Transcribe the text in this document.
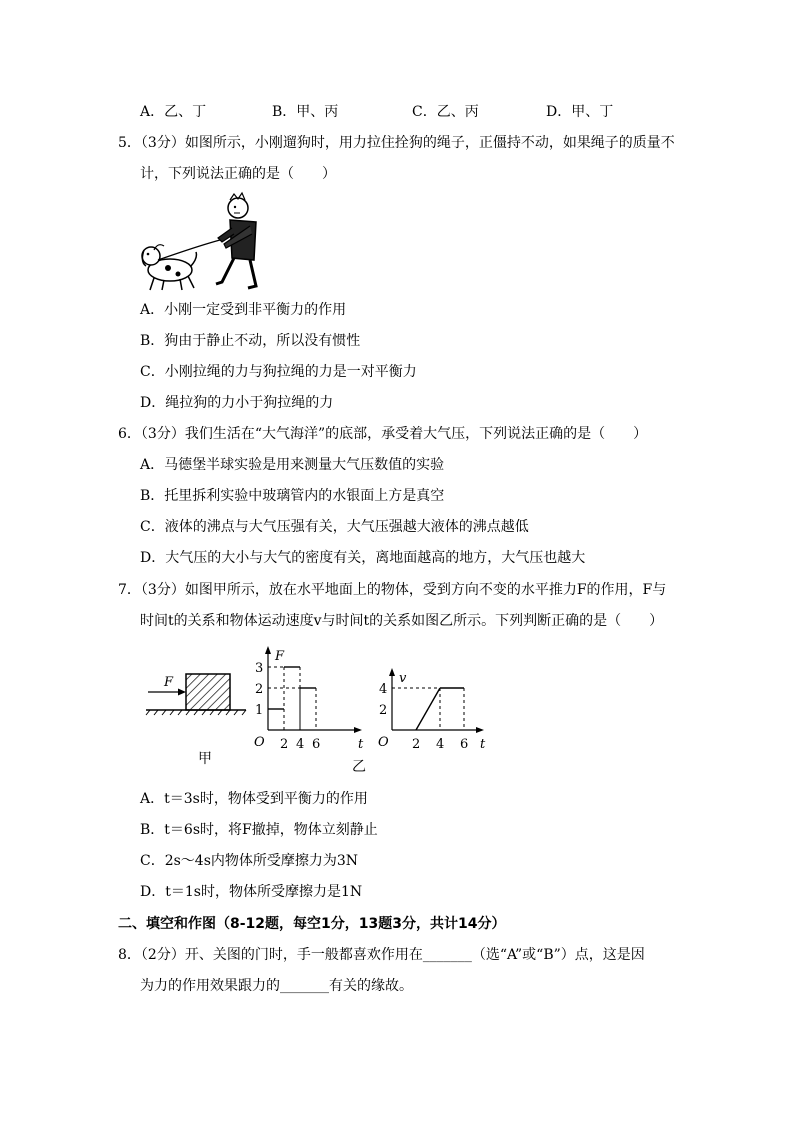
A．乙、丁	B．甲、丙	C．乙、丙	D．甲、丁
5．（3分）如图所示，小刚遛狗时，用力拉住拴狗的绳子，正僵持不动，如果绳子的质量不
计，下列说法正确的是（　　）
A．小刚一定受到非平衡力的作用
B．狗由于静止不动，所以没有惯性
C．小刚拉绳的力与狗拉绳的力是一对平衡力
D．绳拉狗的力小于狗拉绳的力
6．（3分）我们生活在“大气海洋”的底部，承受着大气压，下列说法正确的是（　　）
A．马德堡半球实验是用来测量大气压数值的实验
B．托里拆利实验中玻璃管内的水银面上方是真空
C．液体的沸点与大气压强有关，大气压强越大液体的沸点越低
D．大气压的大小与大气的密度有关，离地面越高的地方，大气压也越大
7．（3分）如图甲所示，放在水平地面上的物体，受到方向不变的水平推力F的作用，F与
时间t的关系和物体运动速度v与时间t的关系如图乙所示。下列判断正确的是（　　）
F
甲
O	t
F
2 4 6
1
2
3
O	t
v
2 4 6
2
4
乙
A．t＝3s时，物体受到平衡力的作用
B．t＝6s时，将F撤掉，物体立刻静止
C．2s～4s内物体所受摩擦力为3N
D．t＝1s时，物体所受摩擦力是1N
二、填空和作图（8-12题，每空1分，13题3分，共计14分）
8．（2分）开、关图的门时，手一般都喜欢作用在_______（选“A”或“B”）点，这是因
为力的作用效果跟力的_______有关的缘故。
